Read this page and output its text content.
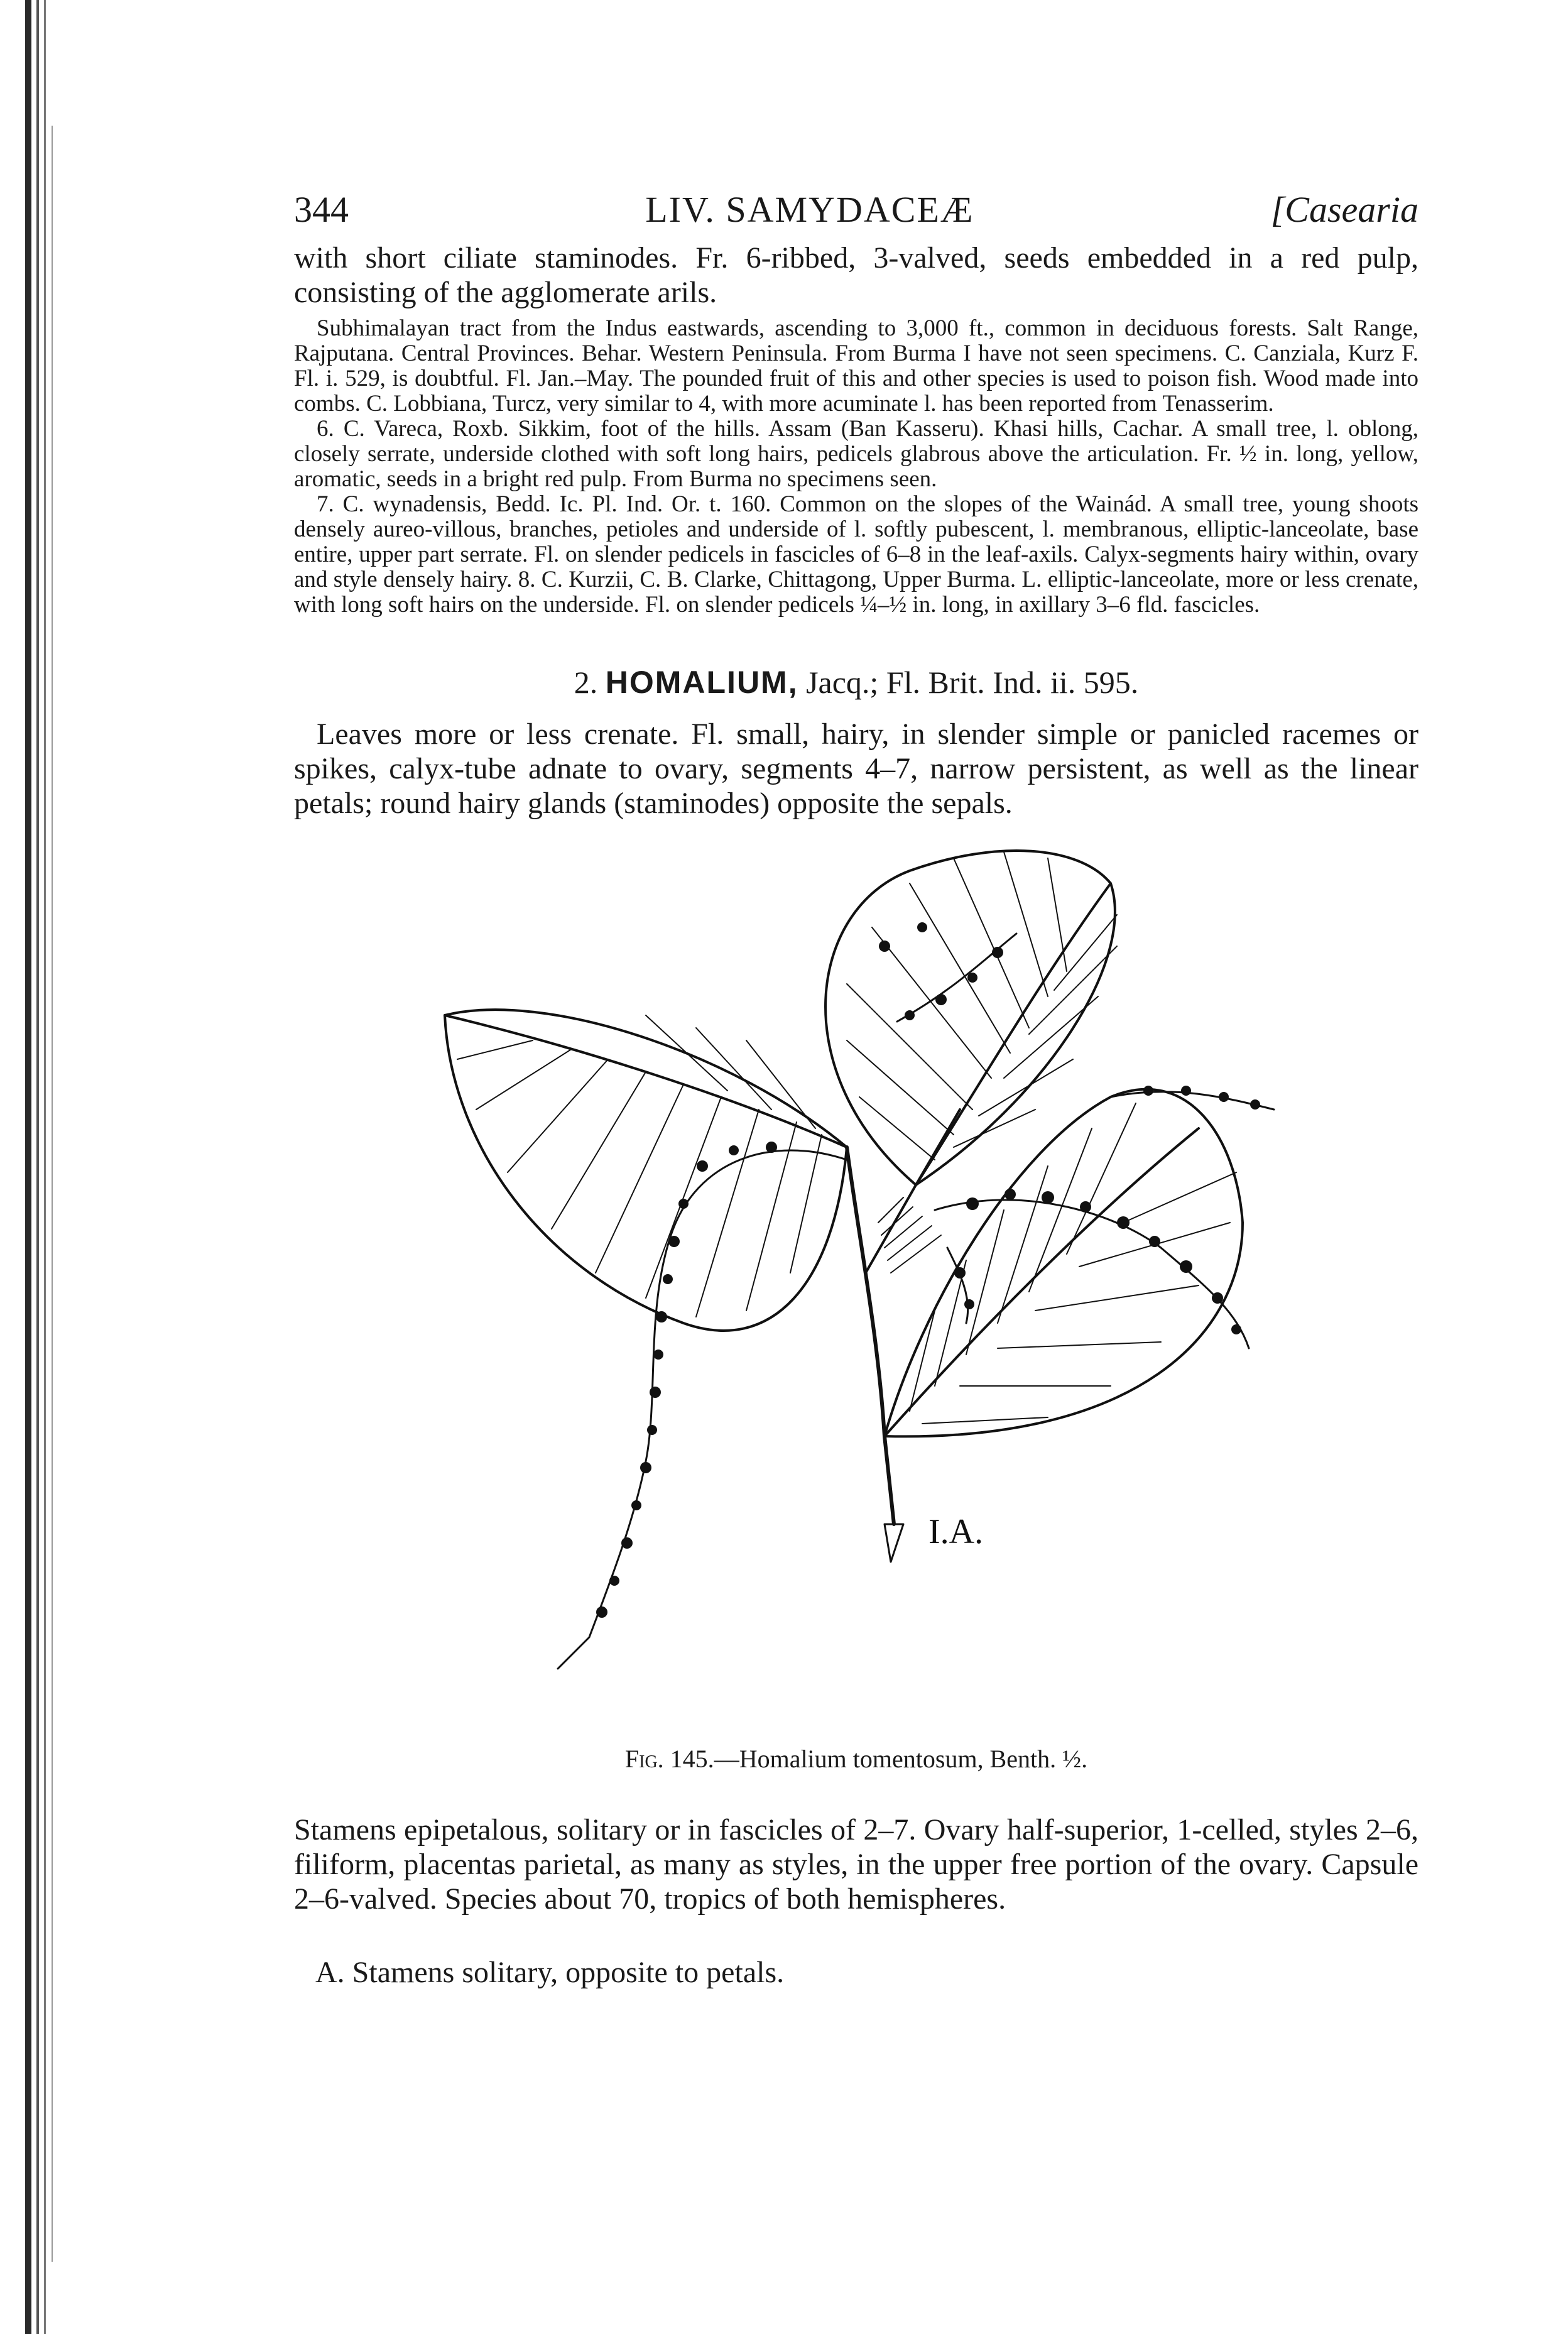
344	LIV. SAMYDACEÆ	[Casearia

with short ciliate staminodes. Fr. 6-ribbed, 3-valved, seeds embedded in a red pulp, consisting of the agglomerate arils.

Subhimalayan tract from the Indus eastwards, ascending to 3,000 ft., common in deciduous forests. Salt Range, Rajputana. Central Provinces. Behar. Western Peninsula. From Burma I have not seen specimens. C. Canziala, Kurz F. Fl. i. 529, is doubtful. Fl. Jan.–May. The pounded fruit of this and other species is used to poison fish. Wood made into combs. C. Lobbiana, Turcz, very similar to 4, with more acuminate l. has been reported from Tenasserim.

6. C. Vareca, Roxb. Sikkim, foot of the hills. Assam (Ban Kasseru). Khasi hills, Cachar. A small tree, l. oblong, closely serrate, underside clothed with soft long hairs, pedicels glabrous above the articulation. Fr. ½ in. long, yellow, aromatic, seeds in a bright red pulp. From Burma no specimens seen.

7. C. wynadensis, Bedd. Ic. Pl. Ind. Or. t. 160. Common on the slopes of the Wainád. A small tree, young shoots densely aureo-villous, branches, petioles and underside of l. softly pubescent, l. membranous, elliptic-lanceolate, base entire, upper part serrate. Fl. on slender pedicels in fascicles of 6–8 in the leaf-axils. Calyx-segments hairy within, ovary and style densely hairy. 8. C. Kurzii, C. B. Clarke, Chittagong, Upper Burma. L. elliptic-lanceolate, more or less crenate, with long soft hairs on the underside. Fl. on slender pedicels ¼–½ in. long, in axillary 3–6 fld. fascicles.

2. HOMALIUM, Jacq.; Fl. Brit. Ind. ii. 595.

Leaves more or less crenate. Fl. small, hairy, in slender simple or panicled racemes or spikes, calyx-tube adnate to ovary, segments 4–7, narrow persistent, as well as the linear petals; round hairy glands (staminodes) opposite the sepals.

I.A.

Fig. 145.—Homalium tomentosum, Benth. ½.

Stamens epipetalous, solitary or in fascicles of 2–7. Ovary half-superior, 1-celled, styles 2–6, filiform, placentas parietal, as many as styles, in the upper free portion of the ovary. Capsule 2–6-valved. Species about 70, tropics of both hemispheres.

A. Stamens solitary, opposite to petals.
